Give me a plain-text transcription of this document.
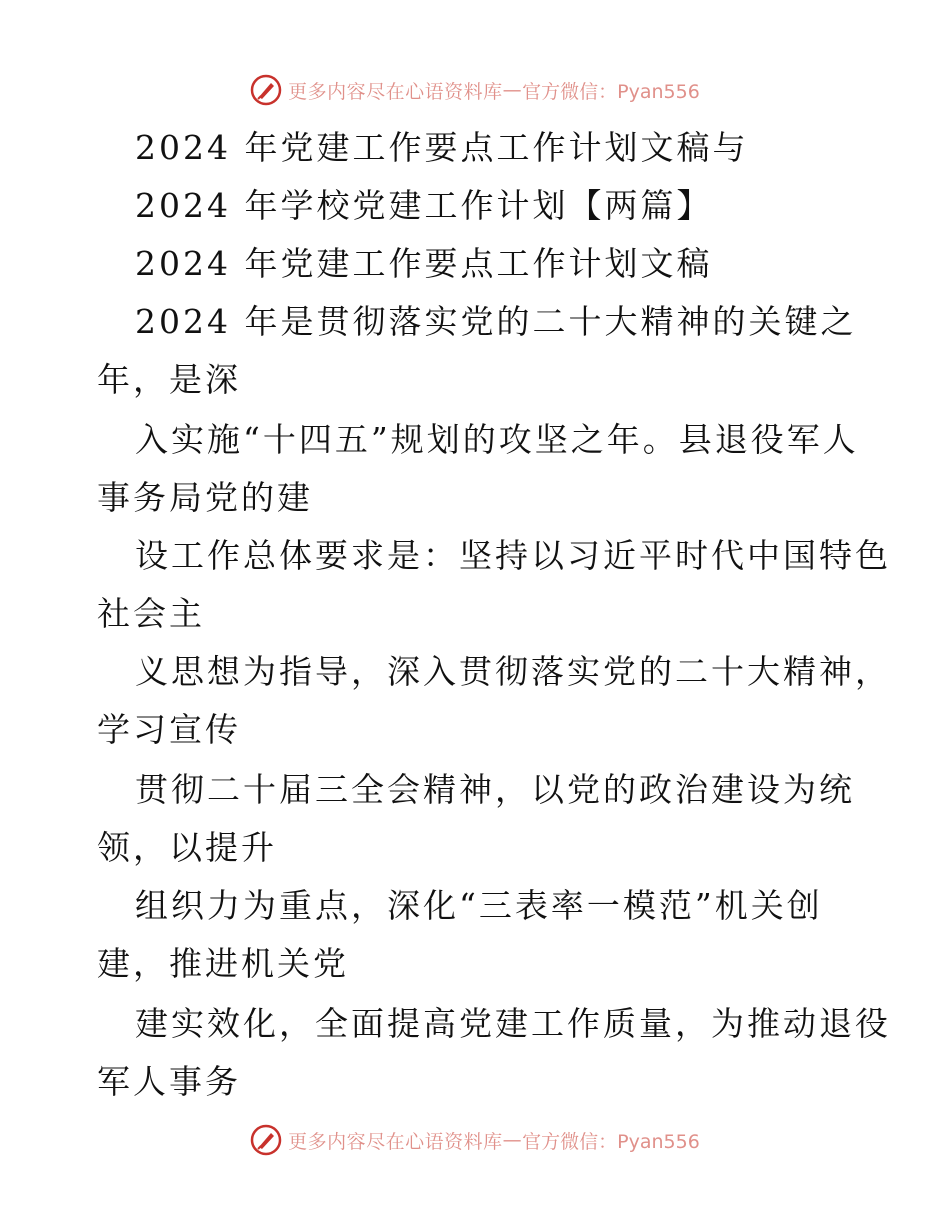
更多内容尽在心语资料库 — 官方微信：Pyan556
2024 年党建工作要点工作计划文稿与
2024 年学校党建工作计划【两篇】
2024 年党建工作要点工作计划文稿
2024 年是贯彻落实党的二十大精神的关键之
年，是深
入实施“十四五”规划的攻坚之年。县退役军人
事务局党的建
设工作总体要求是：坚持以习近平时代中国特色
社会主
义思想为指导，深入贯彻落实党的二十大精神，
学习宣传
贯彻二十届三全会精神，以党的政治建设为统
领，以提升
组织力为重点，深化“三表率一模范”机关创
建，推进机关党
建实效化，全面提高党建工作质量，为推动退役
军人事务
更多内容尽在心语资料库 — 官方微信：Pyan556
